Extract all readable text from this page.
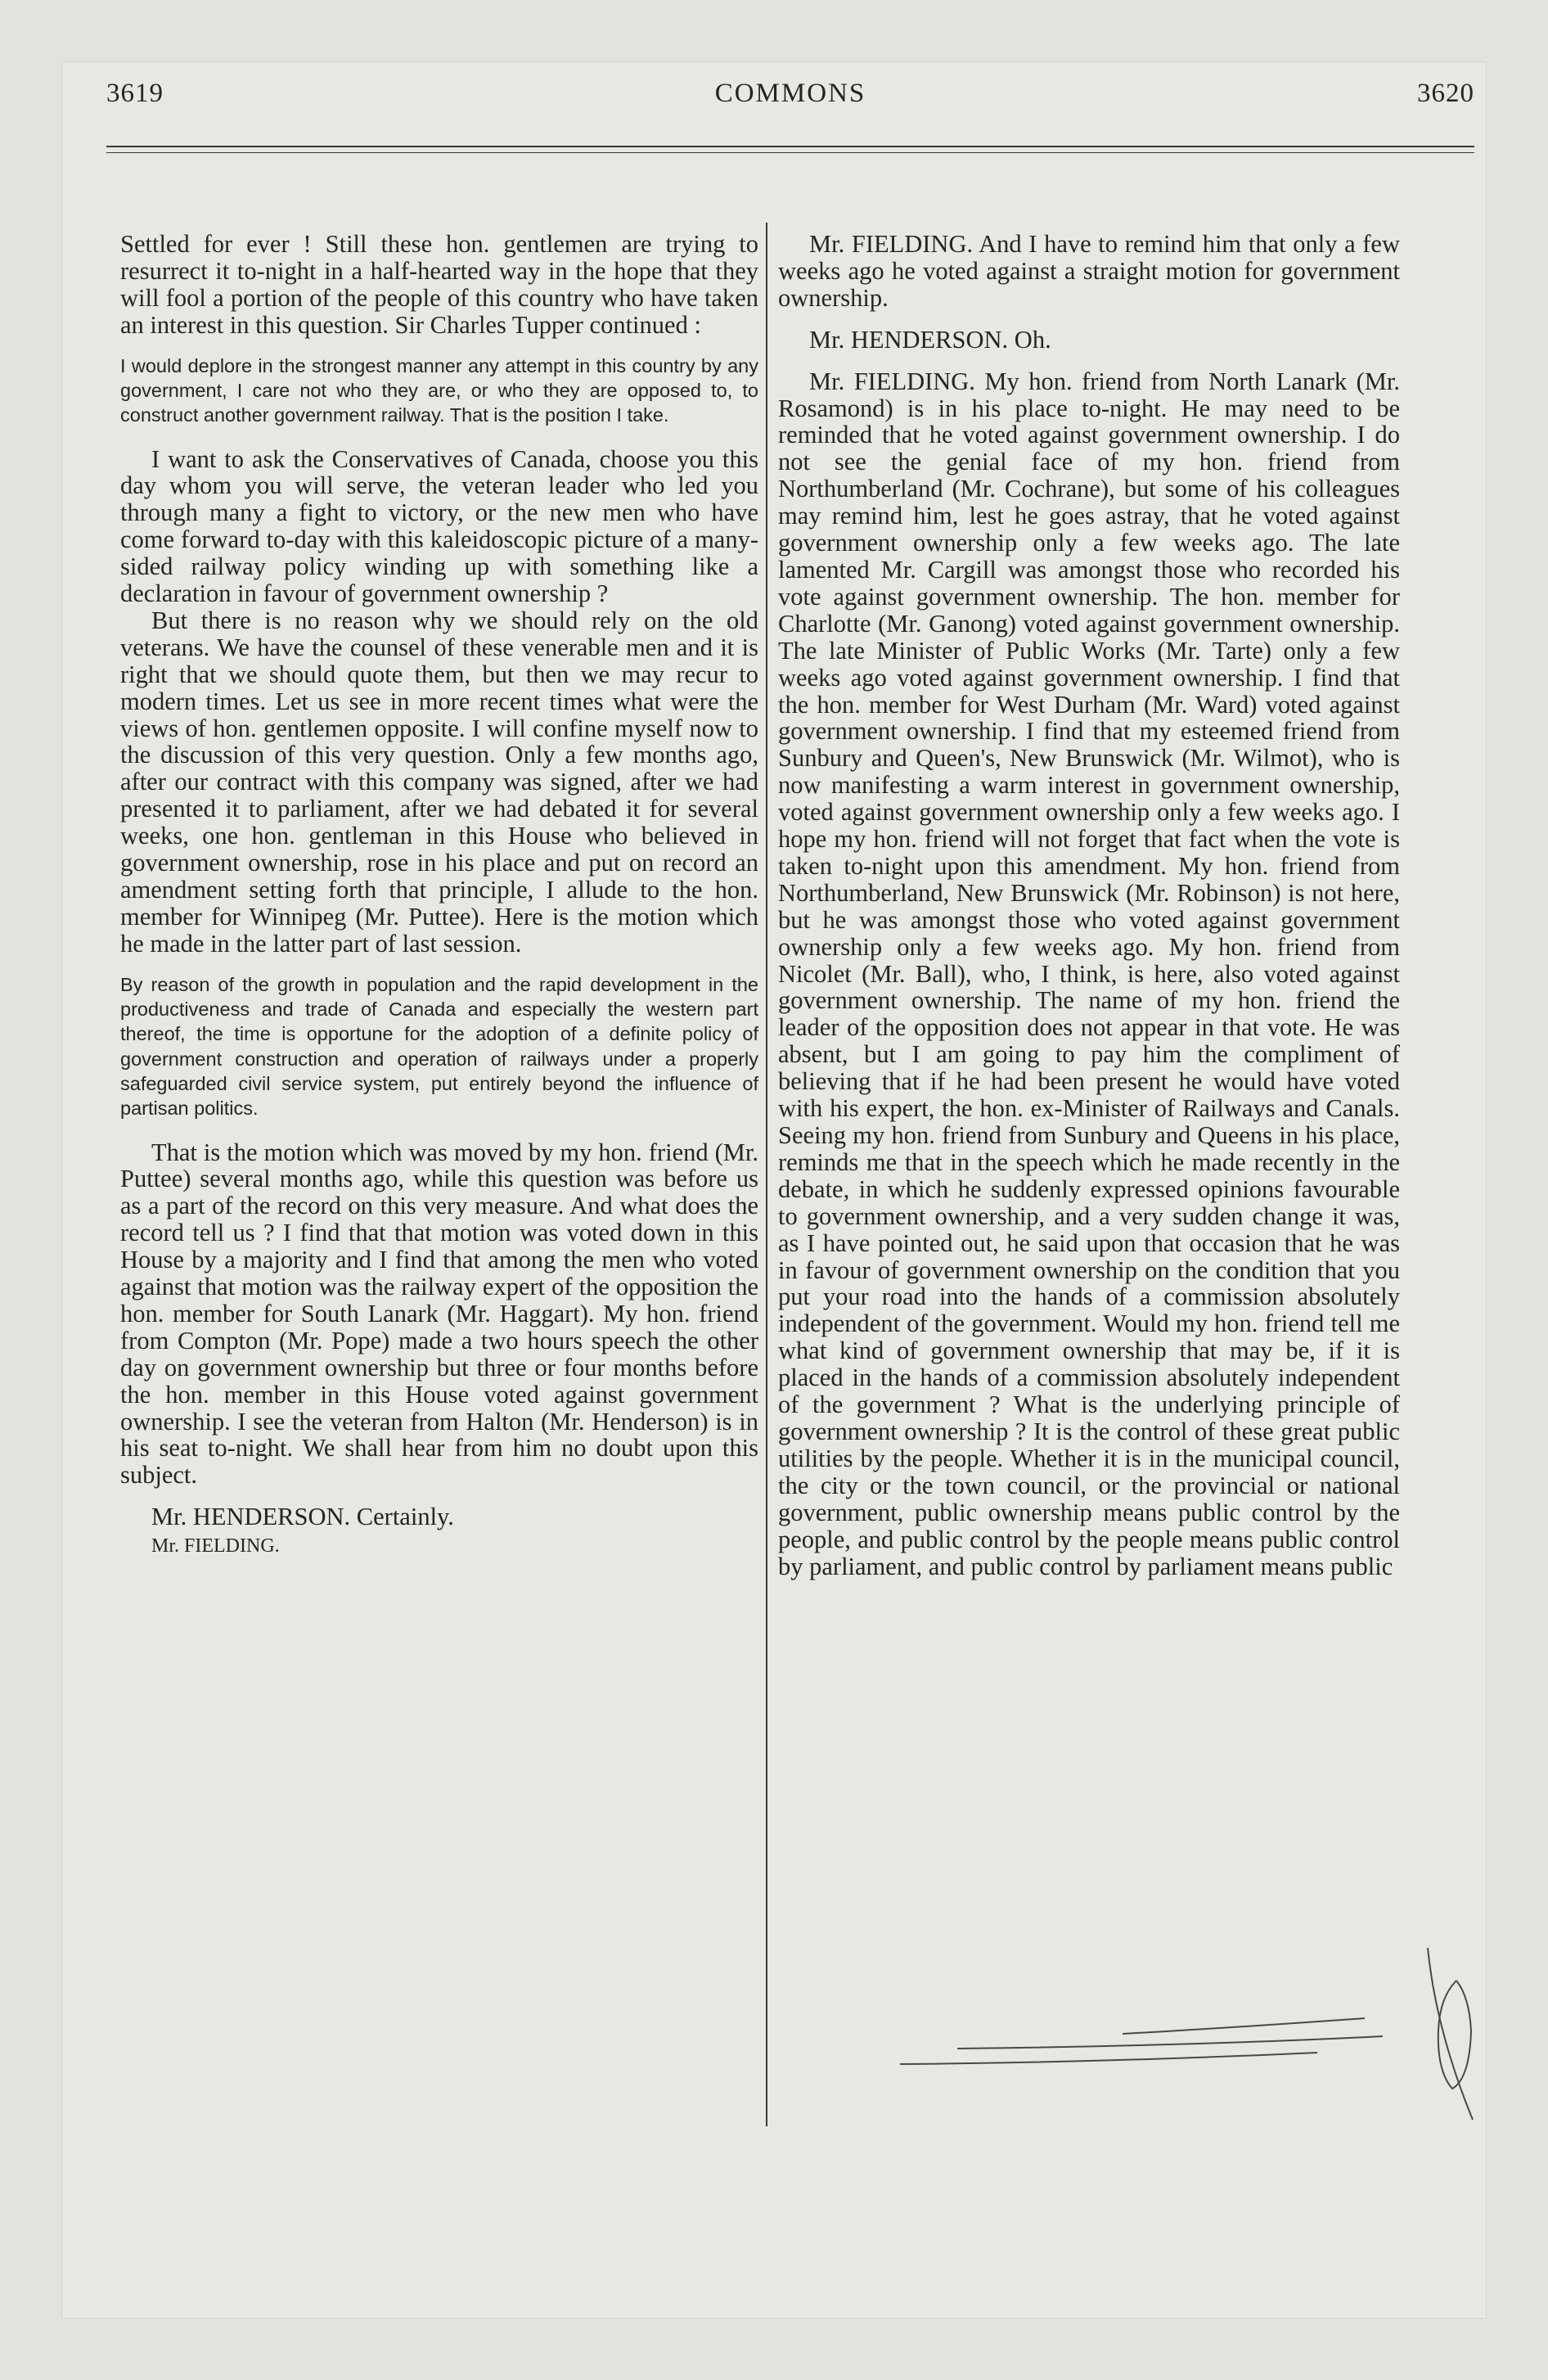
3619	COMMONS	3620

Settled for ever ! Still these hon. gentlemen are trying to resurrect it to-night in a half-hearted way in the hope that they will fool a portion of the people of this country who have taken an interest in this question. Sir Charles Tupper continued :

I would deplore in the strongest manner any attempt in this country by any government, I care not who they are, or who they are opposed to, to construct another government railway. That is the position I take.

I want to ask the Conservatives of Canada, choose you this day whom you will serve, the veteran leader who led you through many a fight to victory, or the new men who have come forward to-day with this kaleidoscopic picture of a many-sided railway policy winding up with something like a declaration in favour of government ownership ?

But there is no reason why we should rely on the old veterans. We have the counsel of these venerable men and it is right that we should quote them, but then we may recur to modern times. Let us see in more recent times what were the views of hon. gentlemen opposite. I will confine myself now to the discussion of this very question. Only a few months ago, after our contract with this company was signed, after we had presented it to parliament, after we had debated it for several weeks, one hon. gentleman in this House who believed in government ownership, rose in his place and put on record an amendment setting forth that principle, I allude to the hon. member for Winnipeg (Mr. Puttee). Here is the motion which he made in the latter part of last session.

By reason of the growth in population and the rapid development in the productiveness and trade of Canada and especially the western part thereof, the time is opportune for the adoption of a definite policy of government construction and operation of railways under a properly safeguarded civil service system, put entirely beyond the influence of partisan politics.

That is the motion which was moved by my hon. friend (Mr. Puttee) several months ago, while this question was before us as a part of the record on this very measure. And what does the record tell us ? I find that that motion was voted down in this House by a majority and I find that among the men who voted against that motion was the railway expert of the opposition the hon. member for South Lanark (Mr. Haggart). My hon. friend from Compton (Mr. Pope) made a two hours speech the other day on government ownership but three or four months before the hon. member in this House voted against government ownership. I see the veteran from Halton (Mr. Henderson) is in his seat to-night. We shall hear from him no doubt upon this subject.

Mr. HENDERSON. Certainly.

Mr. FIELDING.

Mr. FIELDING. And I have to remind him that only a few weeks ago he voted against a straight motion for government ownership.

Mr. HENDERSON. Oh.

Mr. FIELDING. My hon. friend from North Lanark (Mr. Rosamond) is in his place to-night. He may need to be reminded that he voted against government ownership. I do not see the genial face of my hon. friend from Northumberland (Mr. Cochrane), but some of his colleagues may remind him, lest he goes astray, that he voted against government ownership only a few weeks ago. The late lamented Mr. Cargill was amongst those who recorded his vote against government ownership. The hon. member for Charlotte (Mr. Ganong) voted against government ownership. The late Minister of Public Works (Mr. Tarte) only a few weeks ago voted against government ownership. I find that the hon. member for West Durham (Mr. Ward) voted against government ownership. I find that my esteemed friend from Sunbury and Queen's, New Brunswick (Mr. Wilmot), who is now manifesting a warm interest in government ownership, voted against government ownership only a few weeks ago. I hope my hon. friend will not forget that fact when the vote is taken to-night upon this amendment. My hon. friend from Northumberland, New Brunswick (Mr. Robinson) is not here, but he was amongst those who voted against government ownership only a few weeks ago. My hon. friend from Nicolet (Mr. Ball), who, I think, is here, also voted against government ownership. The name of my hon. friend the leader of the opposition does not appear in that vote. He was absent, but I am going to pay him the compliment of believing that if he had been present he would have voted with his expert, the hon. ex-Minister of Railways and Canals. Seeing my hon. friend from Sunbury and Queens in his place, reminds me that in the speech which he made recently in the debate, in which he suddenly expressed opinions favourable to government ownership, and a very sudden change it was, as I have pointed out, he said upon that occasion that he was in favour of government ownership on the condition that you put your road into the hands of a commission absolutely independent of the government. Would my hon. friend tell me what kind of government ownership that may be, if it is placed in the hands of a commission absolutely independent of the government ? What is the underlying principle of government ownership ? It is the control of these great public utilities by the people. Whether it is in the municipal council, the city or the town council, or the provincial or national government, public ownership means public control by the people, and public control by the people means public control by parliament, and public control by parliament means public
